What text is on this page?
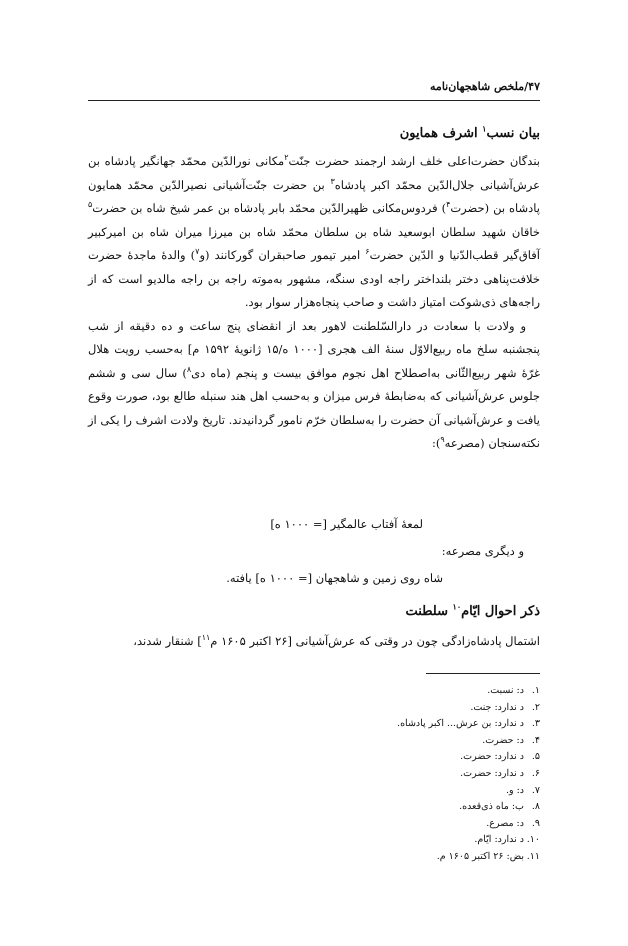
۴۷/ملخص شاهجهان‌نامه
بیان نسب$^۱$ اشرف همایون

بندگان حضرت‌اعلی خلف ارشد ارجمند حضرت جنّت$^۲$مکانی نورالدّین محمّد جهانگیر پادشاه بن عرش‌آشیانی جلال‌الدّین محمّد اکبر پادشاه$^۳$ بن حضرت جنّت‌آشیانی نصیرالدّین محمّد همایون پادشاه بن (حضرت$^۴$) فردوس‌مکانی ظهیرالدّین محمّد بابر پادشاه بن عمر شیخ شاه بن حضرت$^۵$ خاقان شهید سلطان ابوسعید شاه بن سلطان محمّد شاه بن میرزا میران شاه بن امیرکبیر آفاق‌گیر قطب‌الدّنیا و الدّین حضرت$^۶$ امیر تیمور صاحبقران گورکانند (و$^۷$) والدهٔ ماجدهٔ حضرت خلافت‌پناهی دختر بلنداختر راجه اودی سنگه، مشهور به‌موته راجه بن راجه مالدیو است که از راجه‌های ذی‌شوکت امتیاز داشت و صاحب پنجاه‌هزار سوار بود.

و ولادت با سعادت در دارالسّلطنت لاهور بعد از انقضای پنج ساعت و ده دقیقه از شب پنجشنبه سلخ ماه ربیع‌الاوّل سنهٔ الف هجری [۱۰۰۰ ه/۱۵ ژانویهٔ ۱۵۹۲ م] به‌حسب رویت هلال غرّهٔ شهر ربیع‌الثّانی به‌اصطلاح اهل نجوم موافق بیست و پنجم (ماه دی$^۸$) سال سی و ششم جلوس عرش‌آشیانی که به‌ضابطهٔ فرس میزان و به‌حسب اهل هند سنبله طالع بود، صورت وقوع یافت و عرش‌آشیانی آن حضرت را به‌سلطان خرّم نامور گردانیدند. تاریخ ولادت اشرف را یکی از نکته‌سنجان (مصرعه$^۹$):

لمعهٔ آفتاب عالمگیر [= ۱۰۰۰ ه]
و دیگری مصرعه:
شاه روی زمین و شاهجهان [= ۱۰۰۰ ه] یافته.
ذکر احوال ایّام$^{۱۰}$ سلطنت

اشتمال پادشاه‌زادگی چون در وقتی که عرش‌آشیانی [۲۶ اکتبر ۱۶۰۵ م$^{۱۱}$] شنقار شدند،

۱.د: نسبت.
۲.د ندارد: جنت.
۳.د ندارد: بن عرش... اکبر پادشاه.
۴.د: حضرت.
۵.د ندارد: حضرت.
۶.د ندارد: حضرت.
۷.د: و.
۸.ب: ماه ذی‌قعده.
۹.د: مصرع.
۱۰.د ندارد: ایّام.
۱۱.بض: ۲۶ اکتبر ۱۶۰۵ م.
